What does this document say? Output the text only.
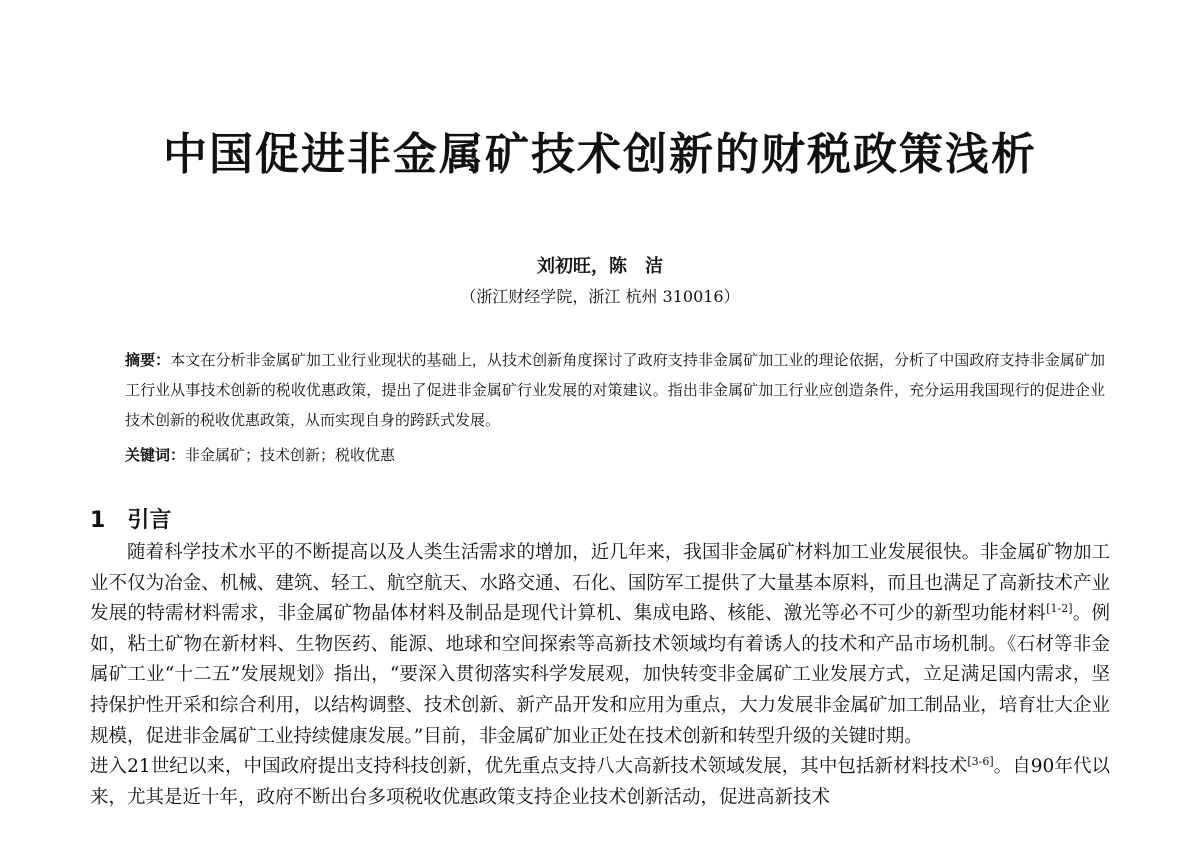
中国促进非金属矿技术创新的财税政策浅析
刘初旺，陈　洁
（浙江财经学院，浙江 杭州 310016）
摘要：本文在分析非金属矿加工业行业现状的基础上，从技术创新角度探讨了政府支持非金属矿加工业的理论依据，分析了中国政府支持非金属矿加工行业从事技术创新的税收优惠政策，提出了促进非金属矿行业发展的对策建议。指出非金属矿加工行业应创造条件，充分运用我国现行的促进企业技术创新的税收优惠政策，从而实现自身的跨跃式发展。
关键词：非金属矿；技术创新；税收优惠
1 引言

随着科学技术水平的不断提高以及人类生活需求的增加，近几年来，我国非金属矿材料加工业发展很快。非金属矿物加工业不仅为冶金、机械、建筑、轻工、航空航天、水路交通、石化、国防军工提供了大量基本原料，而且也满足了高新技术产业发展的特需材料需求，非金属矿物晶体材料及制品是现代计算机、集成电路、核能、激光等必不可少的新型功能材料[1-2]。例如，粘土矿物在新材料、生物医药、能源、地球和空间探索等高新技术领域均有着诱人的技术和产品市场机制。《石材等非金属矿工业“十二五”发展规划》指出，“要深入贯彻落实科学发展观，加快转变非金属矿工业发展方式，立足满足国内需求，坚持保护性开采和综合利用，以结构调整、技术创新、新产品开发和应用为重点，大力发展非金属矿加工制品业，培育壮大企业规模，促进非金属矿工业持续健康发展。”目前，非金属矿加业正处在技术创新和转型升级的关键时期。

进入21世纪以来，中国政府提出支持科技创新，优先重点支持八大高新技术领域发展，其中包括新材料技术[3-6]。自90年代以来，尤其是近十年，政府不断出台多项税收优惠政策支持企业技术创新活动，促进高新技术
